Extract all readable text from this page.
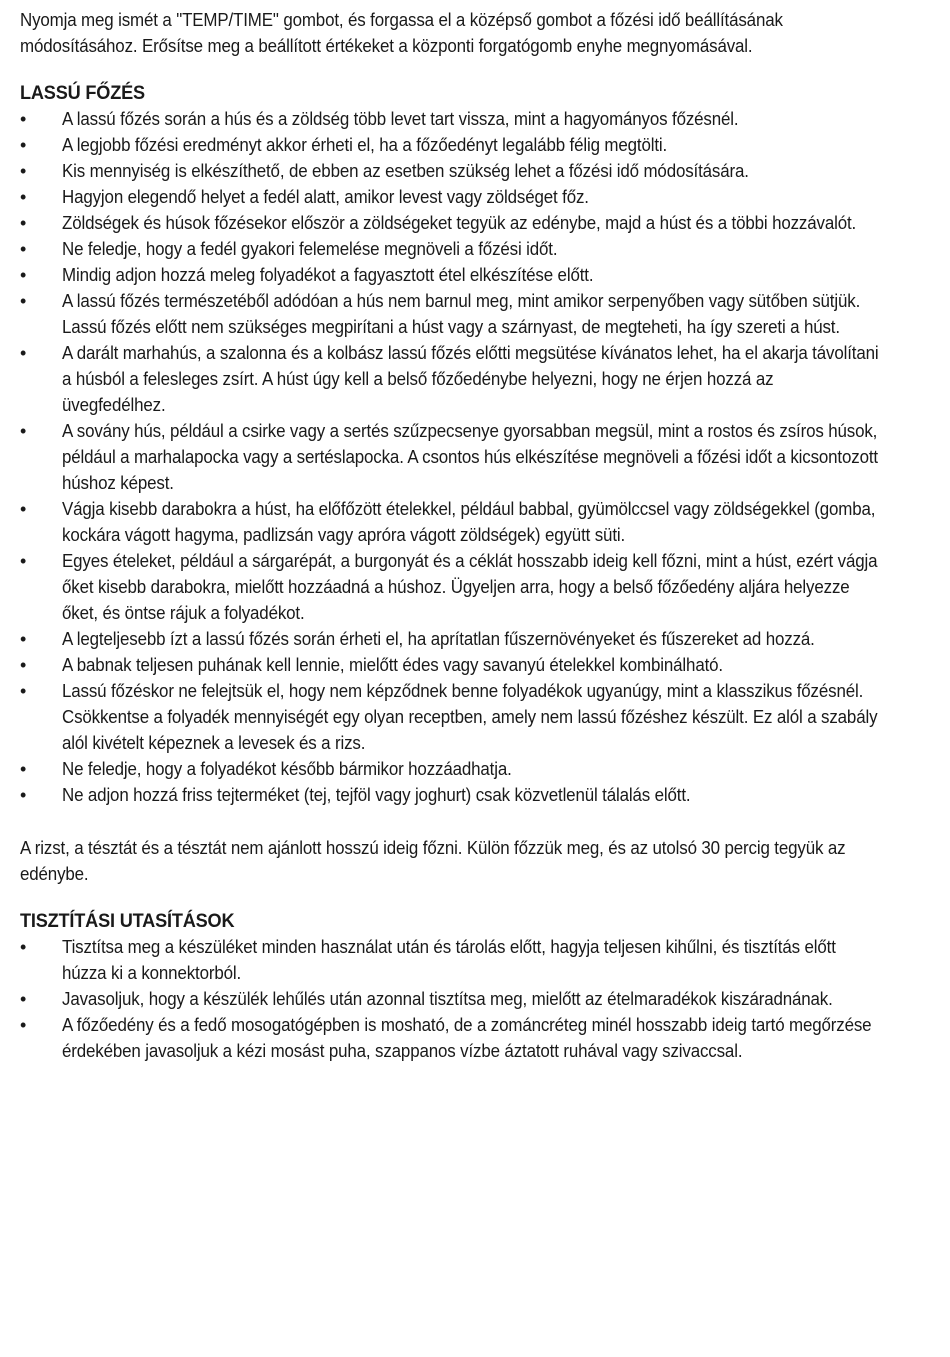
Nyomja meg ismét a "TEMP/TIME" gombot, és forgassa el a középső gombot a főzési idő beállításának módosításához. Erősítse meg a beállított értékeket a központi forgatógomb enyhe megnyomásával.

LASSÚ FŐZÉS
• A lassú főzés során a hús és a zöldség több levet tart vissza, mint a hagyományos főzésnél.
• A legjobb főzési eredményt akkor érheti el, ha a főzőedényt legalább félig megtölti.
• Kis mennyiség is elkészíthető, de ebben az esetben szükség lehet a főzési idő módosítására.
• Hagyjon elegendő helyet a fedél alatt, amikor levest vagy zöldséget főz.
• Zöldségek és húsok főzésekor először a zöldségeket tegyük az edénybe, majd a húst és a többi hozzávalót.
• Ne feledje, hogy a fedél gyakori felemelése megnöveli a főzési időt.
• Mindig adjon hozzá meleg folyadékot a fagyasztott étel elkészítése előtt.
• A lassú főzés természetéből adódóan a hús nem barnul meg, mint amikor serpenyőben vagy sütőben sütjük. Lassú főzés előtt nem szükséges megpirítani a húst vagy a szárnyast, de megteheti, ha így szereti a húst.
• A darált marhahús, a szalonna és a kolbász lassú főzés előtti megsütése kívánatos lehet, ha el akarja távolítani a húsból a felesleges zsírt. A húst úgy kell a belső főzőedénybe helyezni, hogy ne érjen hozzá az üvegfedélhez.
• A sovány hús, például a csirke vagy a sertés szűzpecsenye gyorsabban megsül, mint a rostos és zsíros húsok, például a marhalapocka vagy a sertéslapocka. A csontos hús elkészítése megnöveli a főzési időt a kicsontozott húshoz képest.
• Vágja kisebb darabokra a húst, ha előfőzött ételekkel, például babbal, gyümölccsel vagy zöldségekkel (gomba, kockára vágott hagyma, padlizsán vagy apróra vágott zöldségek) együtt süti.
• Egyes ételeket, például a sárgarépát, a burgonyát és a céklát hosszabb ideig kell főzni, mint a húst, ezért vágja őket kisebb darabokra, mielőtt hozzáadná a húshoz. Ügyeljen arra, hogy a belső főzőedény aljára helyezze őket, és öntse rájuk a folyadékot.
• A legteljesebb ízt a lassú főzés során érheti el, ha aprítatlan fűszernövényeket és fűszereket ad hozzá.
• A babnak teljesen puhának kell lennie, mielőtt édes vagy savanyú ételekkel kombinálható.
• Lassú főzéskor ne felejtsük el, hogy nem képződnek benne folyadékok ugyanúgy, mint a klasszikus főzésnél. Csökkentse a folyadék mennyiségét egy olyan receptben, amely nem lassú főzéshez készült. Ez alól a szabály alól kivételt képeznek a levesek és a rizs.
• Ne feledje, hogy a folyadékot később bármikor hozzáadhatja.
• Ne adjon hozzá friss tejterméket (tej, tejföl vagy joghurt) csak közvetlenül tálalás előtt.

A rizst, a tésztát és a tésztát nem ajánlott hosszú ideig főzni. Külön főzzük meg, és az utolsó 30 percig tegyük az edénybe.

TISZTÍTÁSI UTASÍTÁSOK
• Tisztítsa meg a készüléket minden használat után és tárolás előtt, hagyja teljesen kihűlni, és tisztítás előtt húzza ki a konnektorból.
• Javasoljuk, hogy a készülék lehűlés után azonnal tisztítsa meg, mielőtt az ételmaradékok kiszáradnának.
• A főzőedény és a fedő mosogatógépben is mosható, de a zománcréteg minél hosszabb ideig tartó megőrzése érdekében javasoljuk a kézi mosást puha, szappanos vízbe áztatott ruhával vagy szivaccsal.
